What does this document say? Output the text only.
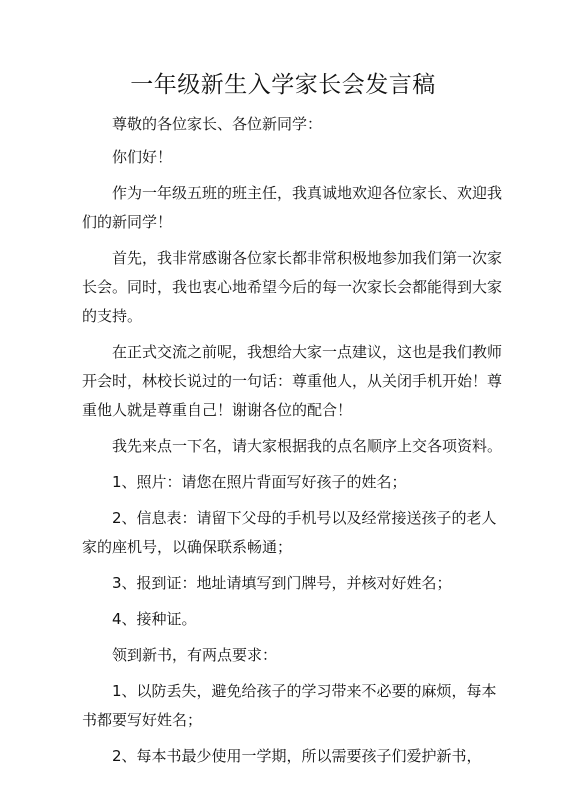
一年级新生入学家长会发言稿

尊敬的各位家长、各位新同学：

你们好！

作为一年级五班的班主任，我真诚地欢迎各位家长、欢迎我们的新同学！

首先，我非常感谢各位家长都非常积极地参加我们第一次家长会。同时，我也衷心地希望今后的每一次家长会都能得到大家的支持。

在正式交流之前呢，我想给大家一点建议，这也是我们教师开会时，林校长说过的一句话：尊重他人，从关闭手机开始！尊重他人就是尊重自己！谢谢各位的配合！

我先来点一下名，请大家根据我的点名顺序上交各项资料。

1、照片：请您在照片背面写好孩子的姓名；

2、信息表：请留下父母的手机号以及经常接送孩子的老人家的座机号，以确保联系畅通；

3、报到证：地址请填写到门牌号，并核对好姓名；

4、接种证。

领到新书，有两点要求：

1、以防丢失，避免给孩子的学习带来不必要的麻烦，每本书都要写好姓名；

2、每本书最少使用一学期，所以需要孩子们爱护新书，
